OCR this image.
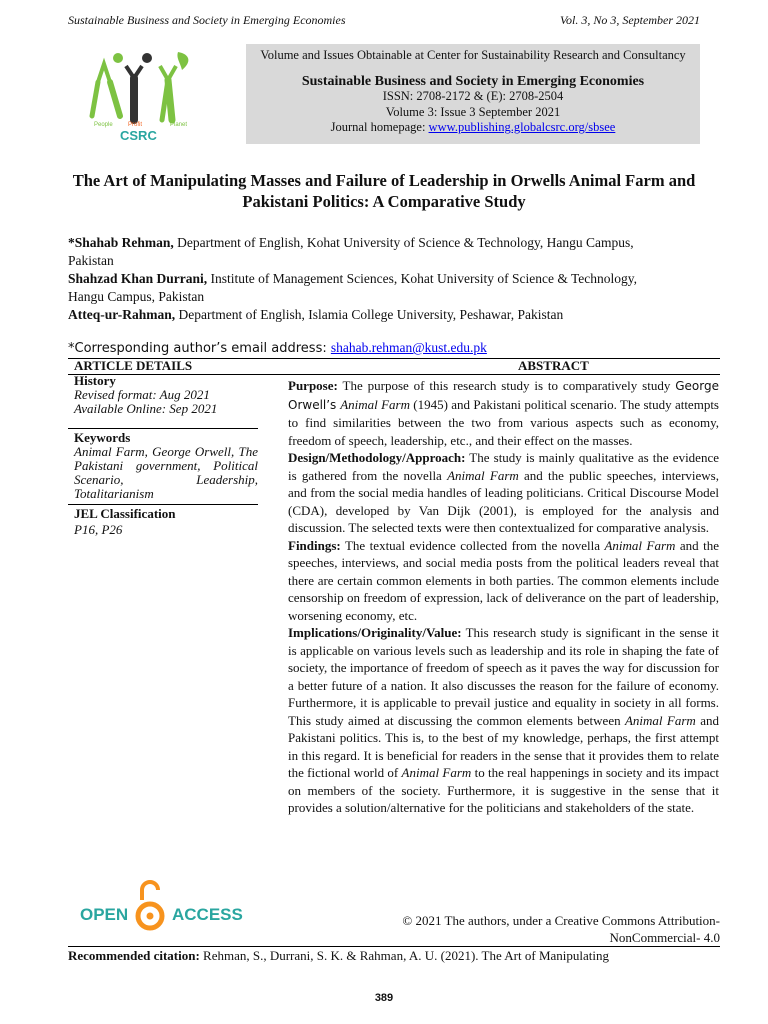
Sustainable Business and Society in Emerging Economies	Vol. 3, No 3, September 2021
People	Profit	Planet
CSRC
Volume and Issues Obtainable at Center for Sustainability Research and Consultancy
Sustainable Business and Society in Emerging Economies
ISSN: 2708-2172 & (E): 2708-2504
Volume 3: Issue 3 September 2021
Journal homepage: www.publishing.globalcsrc.org/sbsee
The Art of Manipulating Masses and Failure of Leadership in Orwells Animal Farm and Pakistani Politics: A Comparative Study

*Shahab Rehman, Department of English, Kohat University of Science & Technology, Hangu Campus, Pakistan

Shahzad Khan Durrani, Institute of Management Sciences, Kohat University of Science & Technology, Hangu Campus, Pakistan

Atteq-ur-Rahman, Department of English, Islamia College University, Peshawar, Pakistan

*Corresponding author’s email address: shahab.rehman@kust.edu.pk
ARTICLE DETAILS	ABSTRACT
History
Revised format: Aug 2021
Available Online: Sep 2021
Keywords
Animal Farm, George Orwell, The Pakistani government, Political Scenario, Leadership, Totalitarianism
JEL Classification
P16, P26

Purpose: The purpose of this research study is to comparatively study George Orwell’s Animal Farm (1945) and Pakistani political scenario. The study attempts to find similarities between the two from various aspects such as economy, freedom of speech, leadership, etc., and their effect on the masses.

Design/Methodology/Approach: The study is mainly qualitative as the evidence is gathered from the novella Animal Farm and the public speeches, interviews, and from the social media handles of leading politicians. Critical Discourse Model (CDA), developed by Van Dijk (2001), is employed for the analysis and discussion. The selected texts were then contextualized for comparative analysis.

Findings: The textual evidence collected from the novella Animal Farm and the speeches, interviews, and social media posts from the political leaders reveal that there are certain common elements in both parties. The common elements include censorship on freedom of expression, lack of deliverance on the part of leadership, worsening economy, etc.

Implications/Originality/Value: This research study is significant in the sense it is applicable on various levels such as leadership and its role in shaping the fate of society, the importance of freedom of speech as it paves the way for discussion for a better future of a nation. It also discusses the reason for the failure of economy. Furthermore, it is applicable to prevail justice and equality in society in all forms. This study aimed at discussing the common elements between Animal Farm and Pakistani politics. This is, to the best of my knowledge, perhaps, the first attempt in this regard. It is beneficial for readers in the sense that it provides them to relate the fictional world of Animal Farm to the real happenings in society and its impact on members of the society. Furthermore, it is suggestive in the sense that it provides a solution/alternative for the politicians and stakeholders of the state.

OPEN	ACCESS	© 2021 The authors, under a Creative Commons Attribution-
NonCommercial- 4.0
Recommended citation: Rehman, S., Durrani, S. K. & Rahman, A. U. (2021). The Art of Manipulating
389
